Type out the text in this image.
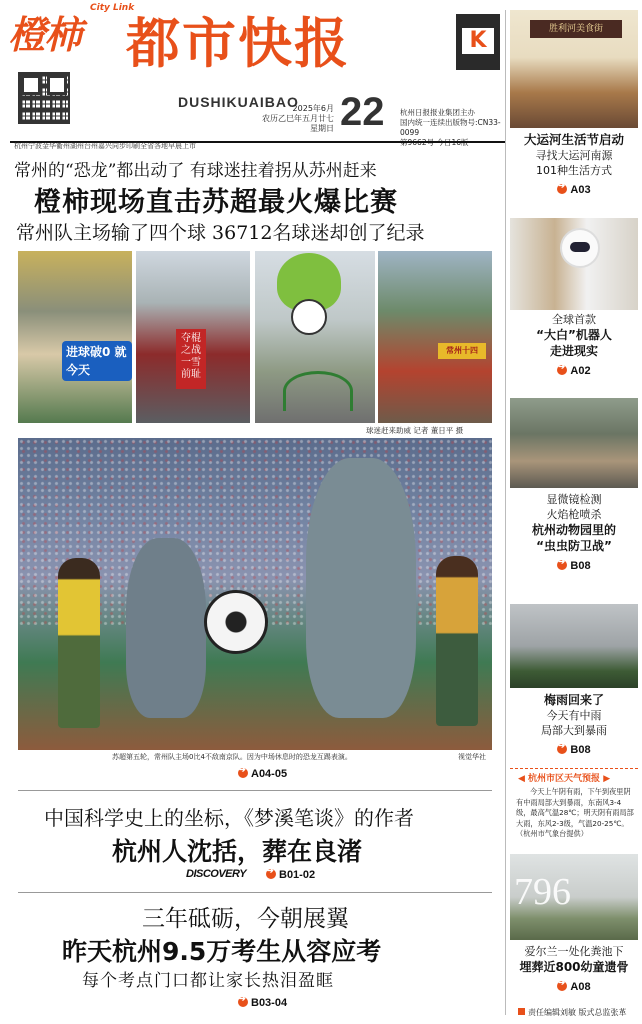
橙柿
City Link
都市快报	K
DUSHIKUAIBAO
2025年6月
农历乙巳年五月廿七
星期日 22 杭州日报报业集团主办
国内统一连续出版物号:CN33-0099
杭州宁波金华衢州湖州台州嘉兴同步印刷全省各地早晨上市
常州的“恐龙”都出动了 有球迷拄着拐从苏州赶来
橙柿现场直击苏超最火爆比赛
常州队主场输了四个球 36712名球迷却创了纪录
进球破0 就今天
夺棍之战 一雪前耻
常州十四
球迷赶来助威 记者 董日平 摄
苏超第五轮，常州队主场0比4不敌南京队。因为中场休息时的恐龙互踢表演。	视觉华社
➔A04-05
中国科学史上的坐标，《梦溪笔谈》的作者
杭州人沈括，葬在良渚
DISCOVERY
➔	B01-02
三年砥砺，今朝展翼
昨天杭州9.5万考生从容应考
每个考点门口都让家长热泪盈眶
➔B03-04
胜利河美食街
大运河生活节启动
寻找大运河南源
101种生活方式
➔A03
全球首款
“大白”机器人
走进现实
➔A02
显微镜检测
火焰枪喷杀
杭州动物园里的
“虫虫防卫战”
➔B08
梅雨回来了
今天有中雨
局部大到暴雨
➔B08
◀ 杭州市区天气预报 ▶
今天上午阴有雨，下午到夜里阴有中雨局部大到暴雨，东南风3-4级，最高气温28℃；明天阴有雨局部大雨，东风2-3级，气温20-25℃。（杭州市气象台提供）
796
爱尔兰一处化粪池下
埋葬近800幼童遗骨
➔A08
责任编辑刘敏 版式总监张革
